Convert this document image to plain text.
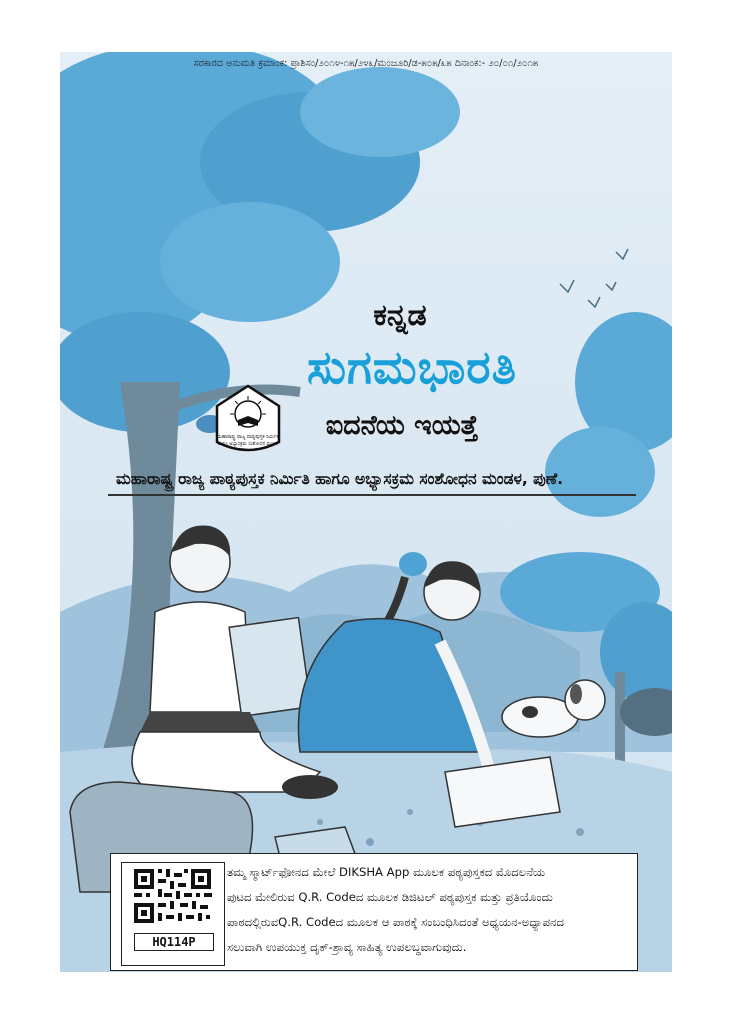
ಸರಕಾರದ ಅನುಮತಿ ಕ್ರಮಾಂಕ: ಪ್ರಾಶಿಸಂ/೨೦೧೪-೧೫/೨೪೩/ಮಂಜೂರಿ/ಡ-೫೦೫/೩೫ ದಿನಾಂಕ:- ೨೦/೦೧/೨೦೧೫
ಕನ್ನಡ
ಸುಗಮಭಾರತಿ
ಮಹಾರಾಷ್ಟ್ರ ರಾಜ್ಯ ಪಾಠ್ಯಪುಸ್ತಕ ನಿರ್ಮಿತಿ
ಹಾಗೂ ಅಭ್ಯಾಸಕ್ರಮ ಸಂಶೋಧನ ಮಂಡಳ
ಐದನೆಯ ಇಯತ್ತೆ
ಮಹಾರಾಷ್ಟ್ರ ರಾಜ್ಯ ಪಾಠ್ಯಪುಸ್ತಕ ನಿರ್ಮಿತಿ ಹಾಗೂ ಅಭ್ಯಾಸಕ್ರಮ ಸಂಶೋಧನ ಮಂಡಳ, ಪುಣೆ.
HQ114P
ತಮ್ಮ ಸ್ಮಾರ್ಟ್‌ಫೋನದ ಮೇಲೆ DIKSHA App ಮೂಲಕ ಪಠ್ಯಪುಸ್ತಕದ ಮೊದಲನೆಯ
ಪುಟದ ಮೇಲಿರುವ Q.R. Codeದ ಮೂಲಕ ಡಿಜಿಟಲ್ ಪಠ್ಯಪುಸ್ತಕ ಮತ್ತು ಪ್ರತಿಯೊಂದು
ಪಾಠದಲ್ಲಿರುವQ.R. Codeದ ಮೂಲಕ ಆ ಪಾಠಕ್ಕೆ ಸಂಬಂಧಿಸಿದಂತೆ ಅಧ್ಯಯನ-ಅಧ್ಯಾಪನದ
ಸಲುವಾಗಿ ಉಪಯುಕ್ತ ದೃಕ್-ಶ್ರಾವ್ಯ ಸಾಹಿತ್ಯ ಉಪಲಬ್ಧವಾಗುವುದು.
